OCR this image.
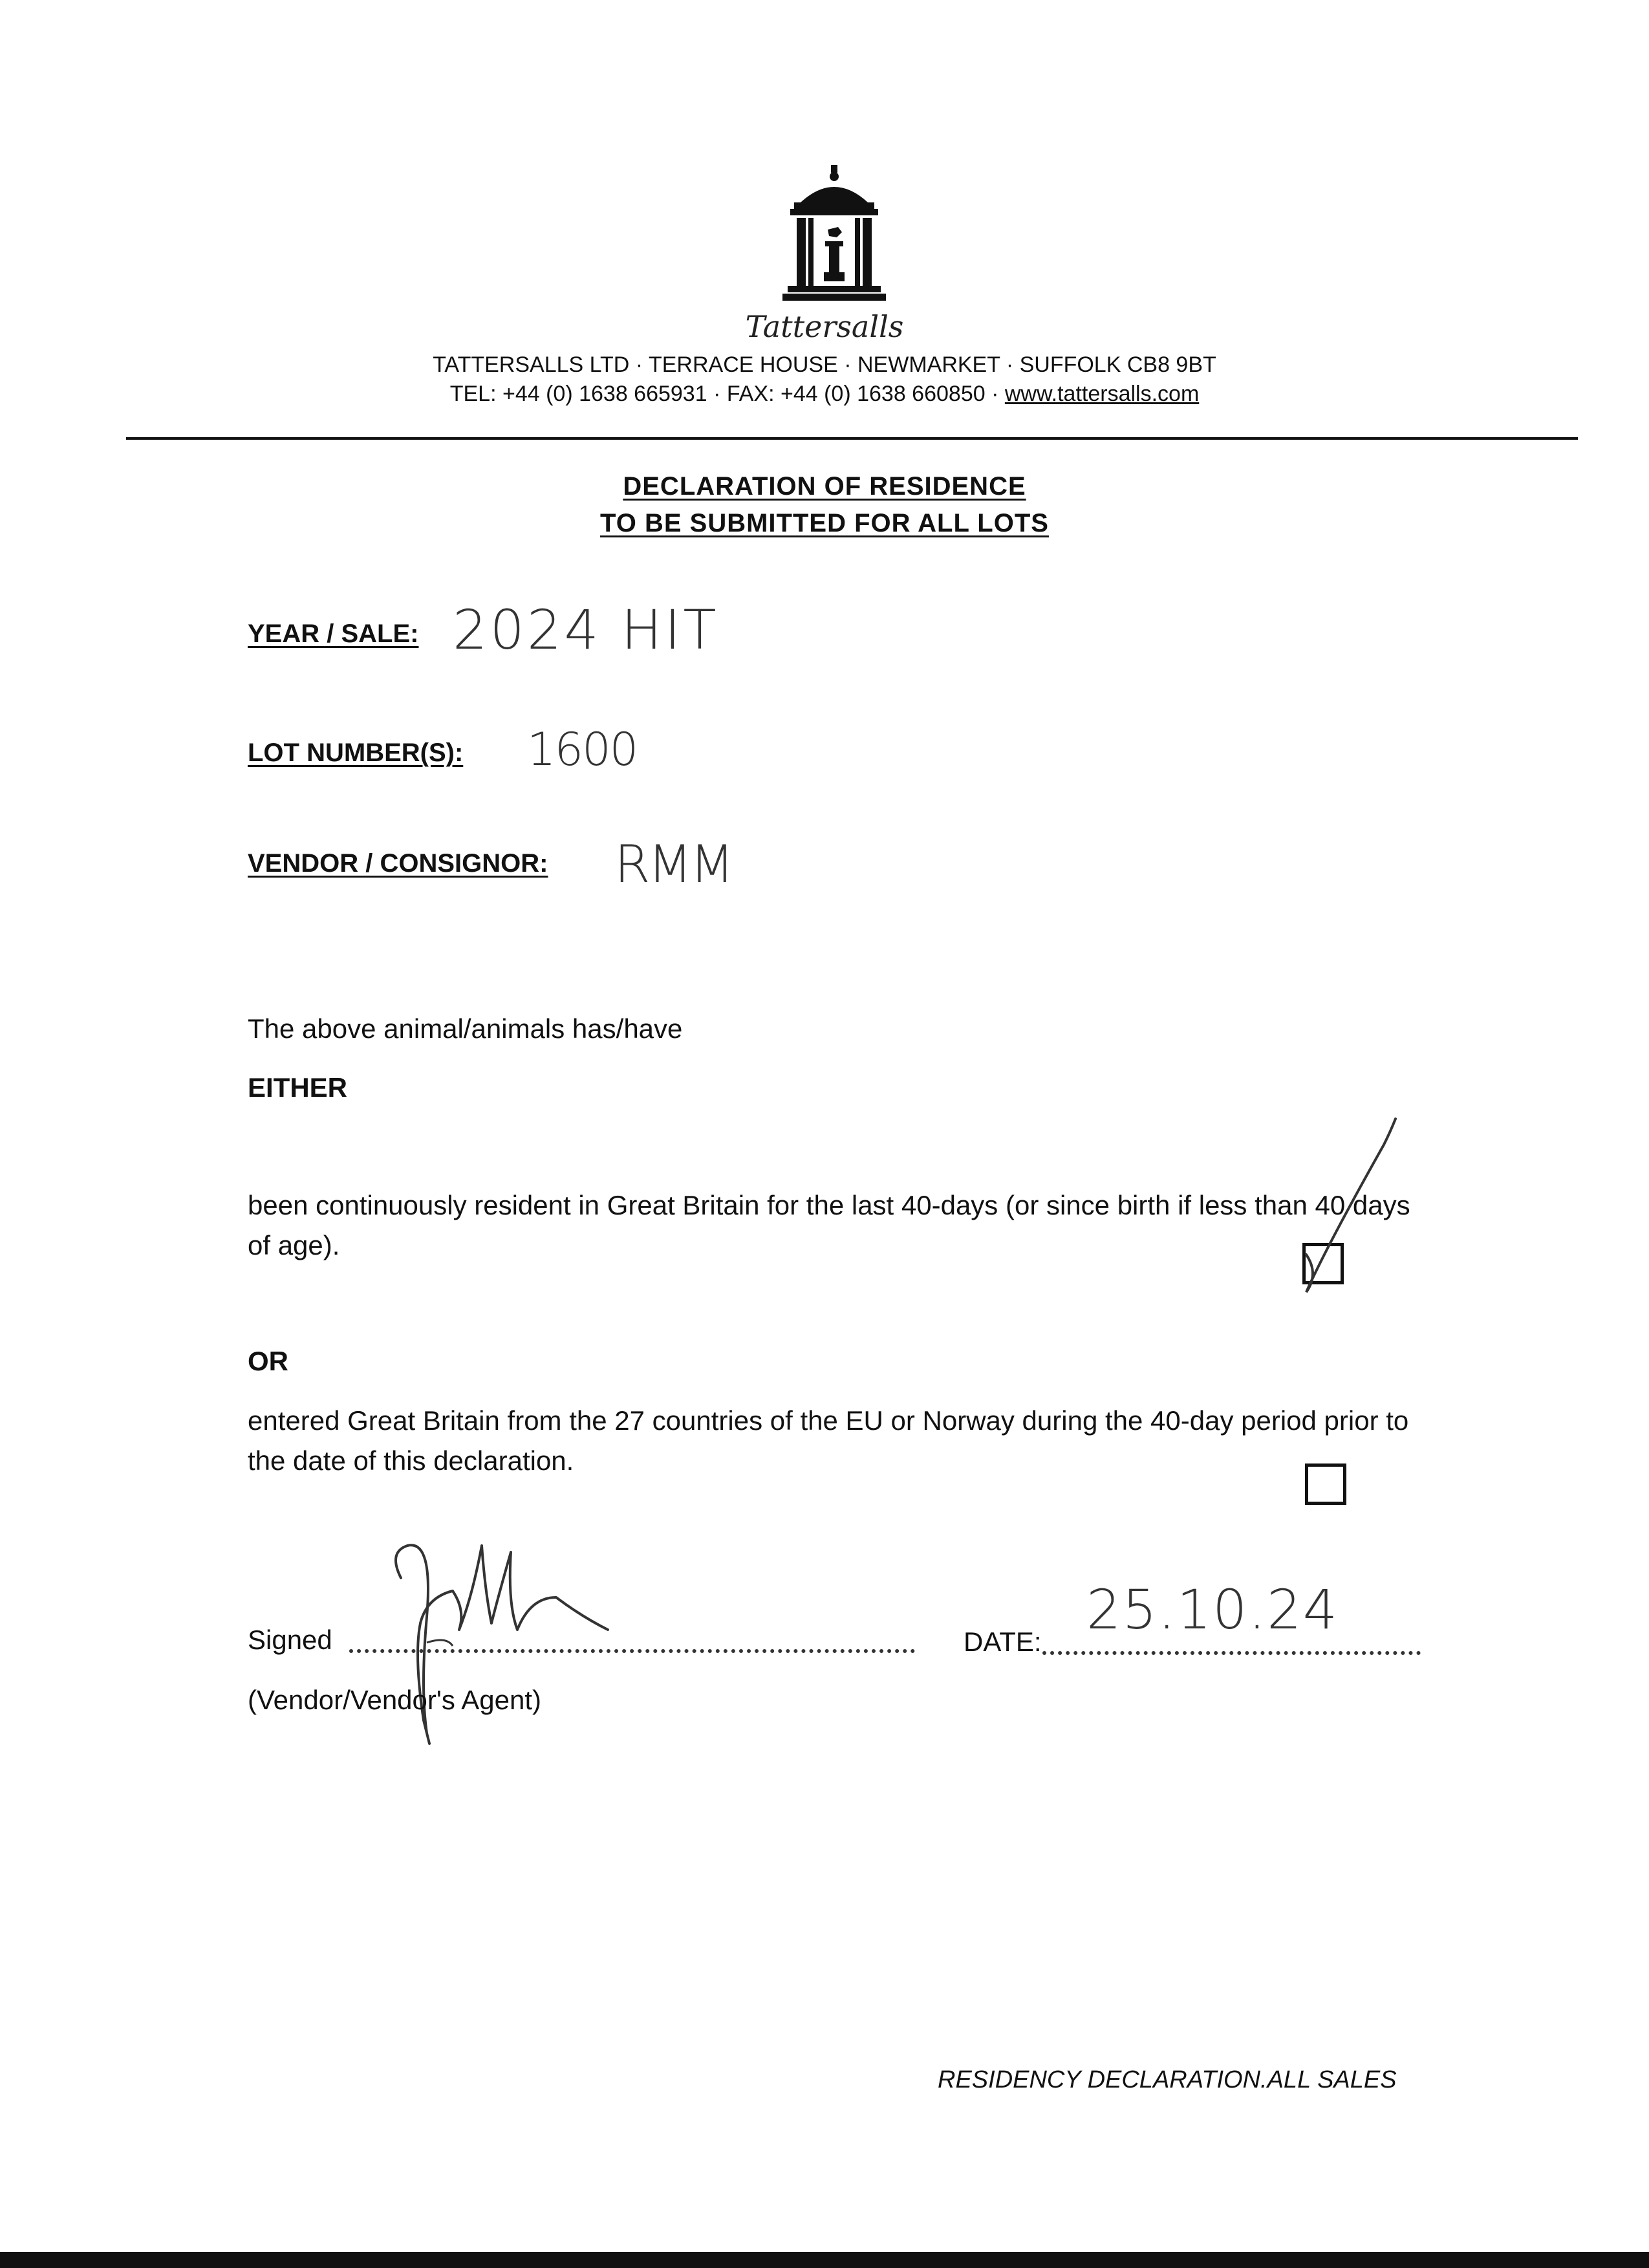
Tattersalls
TATTERSALLS LTD · TERRACE HOUSE · NEWMARKET · SUFFOLK CB8 9BT
TEL: +44 (0) 1638 665931 · FAX: +44 (0) 1638 660850 · www.tattersalls.com
DECLARATION OF RESIDENCE
TO BE SUBMITTED FOR ALL LOTS
YEAR / SALE: 2024 HIT
LOT NUMBER(S): 1600
VENDOR / CONSIGNOR: RMM
The above animal/animals has/have
EITHER
been continuously resident in Great Britain for the last 40-days (or since birth if less than 40 days of age).
OR
entered Great Britain from the 27 countries of the EU or Norway during the 40-day period prior to the date of this declaration.
Signed
(Vendor/Vendor's Agent)
DATE:
25.10.24
RESIDENCY DECLARATION.ALL SALES
